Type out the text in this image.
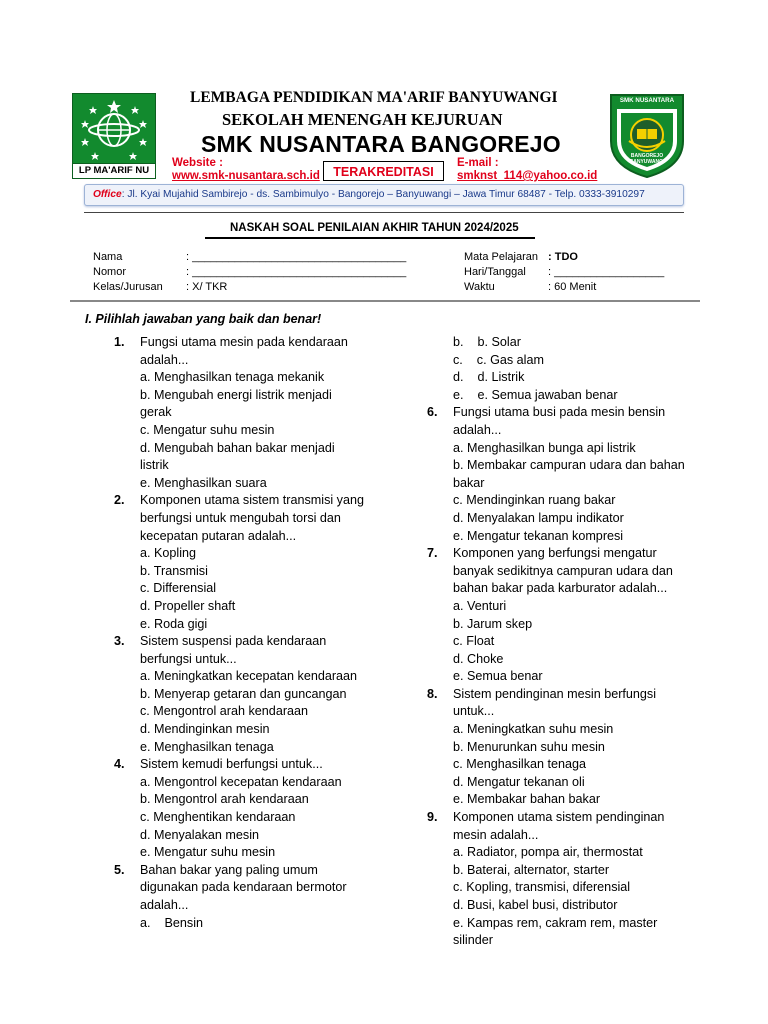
LP MA'ARIF NU
SMK NUSANTARA
BANGOREJO BANYUWANGI
LEMBAGA PENDIDIKAN MA'ARIF BANYUWANGI
SEKOLAH MENENGAH KEJURUAN
SMK NUSANTARA BANGOREJO
Website :
www.smk-nusantara.sch.id	TERAKREDITASI
E-mail :
smknst_114@yahoo.co.id
Office: Jl. Kyai Mujahid Sambirejo - ds. Sambimulyo - Bangorejo – Banyuwangi – Jawa Timur 68487 - Telp. 0333-3910297
NASKAH SOAL PENILAIAN AKHIR TAHUN 2024/2025
Nama	: ___________________________________
Nomor	: ___________________________________
Kelas/Jurusan : X/ TKR
Mata Pelajaran : TDO
Hari/Tanggal : __________________
Waktu	: 60 Menit
I. Pilihlah jawaban yang baik dan benar!
1. Fungsi utama mesin pada kendaraan adalah...

a. Menghasilkan tenaga mekanik

b. Mengubah energi listrik menjadi gerak

c. Mengatur suhu mesin

d. Mengubah bahan bakar menjadi listrik

e. Menghasilkan suara

2. Komponen utama sistem transmisi yang berfungsi untuk mengubah torsi dan kecepatan putaran adalah...

a. Kopling

b. Transmisi

c. Differensial

d. Propeller shaft

e. Roda gigi

3. Sistem suspensi pada kendaraan berfungsi untuk...

a. Meningkatkan kecepatan kendaraan

b. Menyerap getaran dan guncangan

c. Mengontrol arah kendaraan

d. Mendinginkan mesin

e. Menghasilkan tenaga

4. Sistem kemudi berfungsi untuk...

a. Mengontrol kecepatan kendaraan

b. Mengontrol arah kendaraan

c. Menghentikan kendaraan

d. Menyalakan mesin

e. Mengatur suhu mesin

5. Bahan bakar yang paling umum digunakan pada kendaraan bermotor adalah...

a.    Bensin

b.    b. Solar

c.    c. Gas alam

d.    d. Listrik

e.    e. Semua jawaban benar

6. Fungsi utama busi pada mesin bensin adalah...

a. Menghasilkan bunga api listrik

b. Membakar campuran udara dan bahan bakar

c. Mendinginkan ruang bakar

d. Menyalakan lampu indikator

e. Mengatur tekanan kompresi

7. Komponen yang berfungsi mengatur banyak sedikitnya campuran udara dan bahan bakar pada karburator adalah...

a. Venturi

b. Jarum skep

c. Float

d. Choke

e. Semua benar

8. Sistem pendinginan mesin berfungsi untuk...

a. Meningkatkan suhu mesin

b. Menurunkan suhu mesin

c. Menghasilkan tenaga

d. Mengatur tekanan oli

e. Membakar bahan bakar

9. Komponen utama sistem pendinginan mesin adalah...

a. Radiator, pompa air, thermostat

b. Baterai, alternator, starter

c. Kopling, transmisi, diferensial

d. Busi, kabel busi, distributor

e. Kampas rem, cakram rem, master silinder
